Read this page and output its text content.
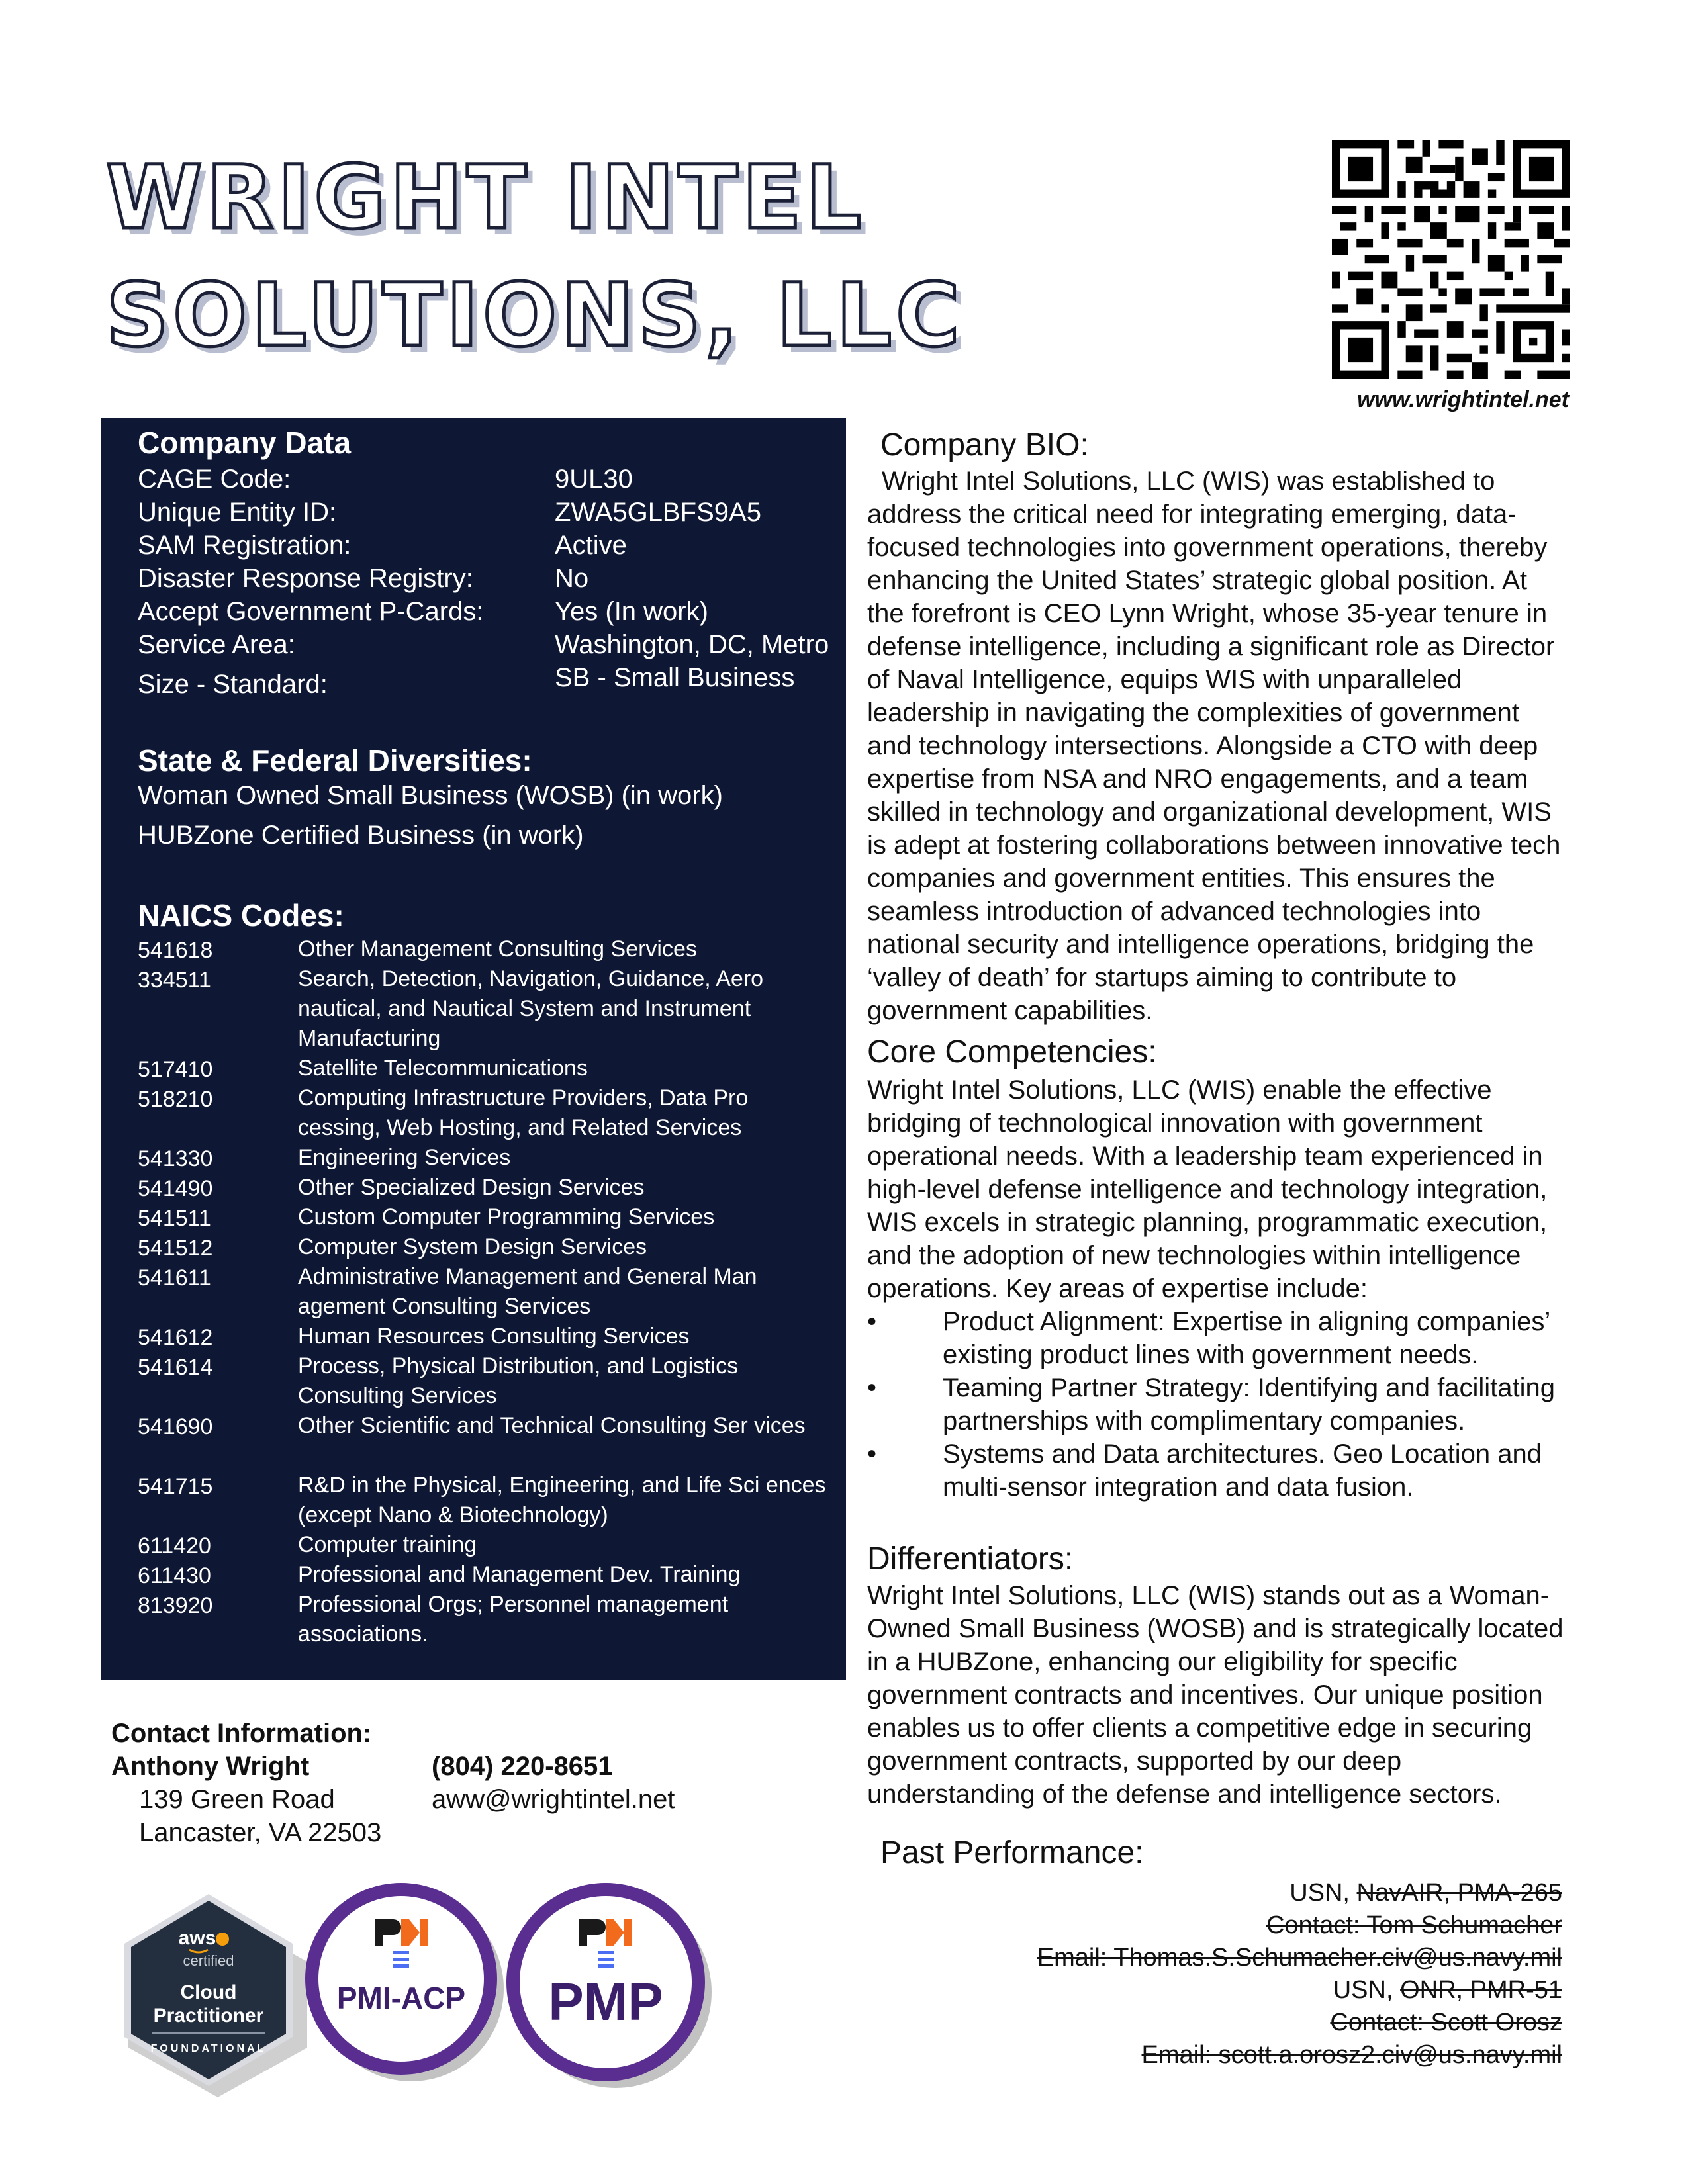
WRIGHT INTEL
SOLUTIONS, LLC
www.wrightintel.net
Company Data
CAGE Code:	9UL30
Unique Entity ID:	ZWA5GLBFS9A5
SAM Registration:	Active
Disaster Response Registry:	No
Accept Government P-Cards:	Yes (In work)
Service Area:	Washington, DC, Metro
Size - Standard:	SB - Small Business
State & Federal Diversities:
Woman Owned Small Business (WOSB) (in work)
HUBZone Certified Business (in work)
NAICS Codes:
541618	Other Management Consulting Services
334511	Search, Detection, Navigation, Guidance, Aero nautical, and Nautical System and Instrument Manufacturing
517410	Satellite Telecommunications
518210	Computing Infrastructure Providers, Data Pro cessing, Web Hosting, and Related Services
541330	Engineering Services
541490	Other Specialized Design Services
541511	Custom Computer Programming Services
541512	Computer System Design Services
541611	Administrative Management and General Man agement Consulting Services
541612	Human Resources Consulting Services
541614	Process, Physical Distribution, and Logistics Consulting Services
541690	Other Scientific and Technical Consulting Ser vices
541715	R&D in the Physical, Engineering, and Life Sci ences (except Nano & Biotechnology)
611420	Computer training
611430	Professional and Management Dev. Training
813920	Professional Orgs; Personnel management associations.
Contact Information:
Anthony Wright	(804) 220-8651
139 Green Road	aww@wrightintel.net
Lancaster, VA 22503
aws
certified
Cloud
Practitioner
FOUNDATIONAL
PMI-ACP PMP
Company BIO:
Wright Intel Solutions, LLC (WIS) was established to address the critical need for integrating emerging, data-focused technologies into government operations, thereby enhancing the United States’ strategic global position. At the forefront is CEO Lynn Wright, whose 35-year tenure in defense intelligence, including a significant role as Director of Naval Intelligence, equips WIS with unparalleled leadership in navigating the complexities of government and technology intersections. Alongside a CTO with deep expertise from NSA and NRO engagements, and a team skilled in technology and organizational development, WIS is adept at fostering collaborations between innovative tech companies and government entities. This ensures the seamless introduction of advanced technologies into national security and intelligence operations, bridging the ‘valley of death’ for startups aiming to contribute to government capabilities.
Core Competencies:
Wright Intel Solutions, LLC (WIS) enable the effective bridging of technological innovation with government operational needs. With a leadership team experienced in high-level defense intelligence and technology integration, WIS excels in strategic planning, programmatic execution, and the adoption of new technologies within intelligence operations. Key areas of expertise include:
•	Product Alignment: Expertise in aligning companies’ existing product lines with government needs.
•	Teaming Partner Strategy: Identifying and facilitating partnerships with complimentary companies.
•	Systems and Data architectures. Geo Location and multi-sensor integration and data fusion.
Differentiators:
Wright Intel Solutions, LLC (WIS) stands out as a Woman-Owned Small Business (WOSB) and is strategically located in a HUBZone, enhancing our eligibility for specific government contracts and incentives. Our unique position enables us to offer clients a competitive edge in securing government contracts, supported by our deep understanding of the defense and intelligence sectors.
Past Performance:
USN, NavAIR, PMA-265
Contact: Tom Schumacher
Email: Thomas.S.Schumacher.civ@us.navy.mil
USN, ONR, PMR-51
Contact: Scott Orosz
Email: scott.a.orosz2.civ@us.navy.mil
